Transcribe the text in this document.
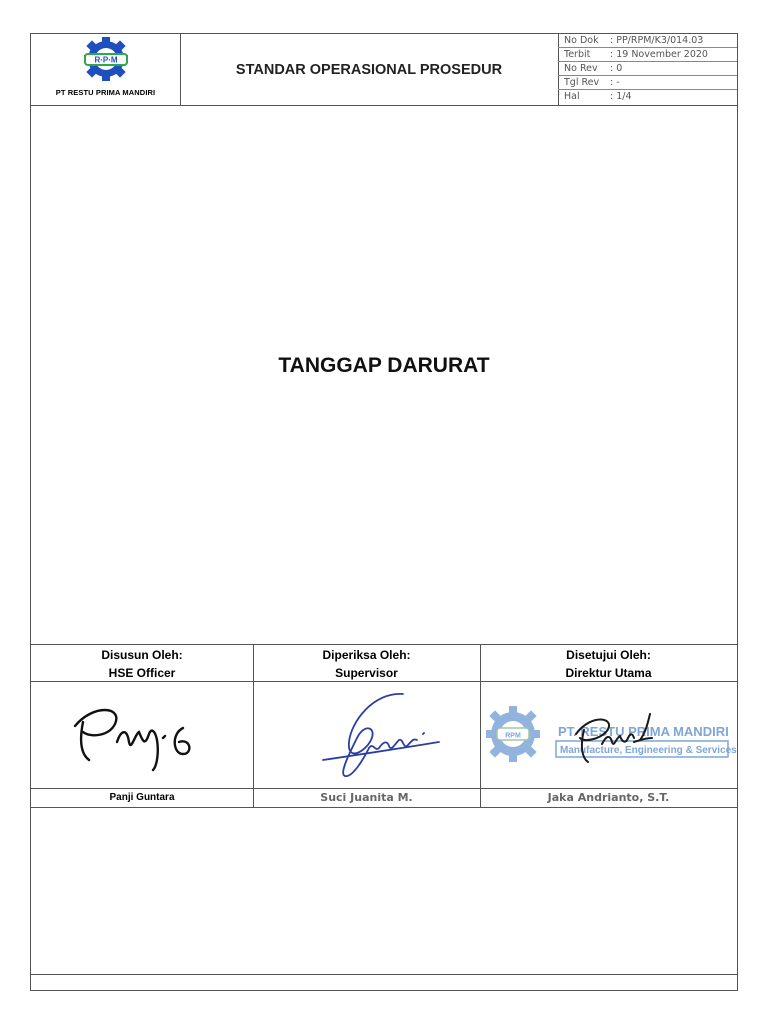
R·P·M
PT RESTU PRIMA MANDIRI
STANDAR OPERASIONAL PROSEDUR
No Dok : PP/RPM/K3/014.03
Terbit : 19 November 2020
No Rev : 0
Tgl Rev : -
Hal	: 1/4
TANGGAP DARURAT
Disusun Oleh:
HSE Officer
Panji Guntara
Diperiksa Oleh:
Supervisor
Suci Juanita M.
Disetujui Oleh:
Direktur Utama
RPM	PT. RESTU PRIMA MANDIRI
Manufacture, Engineering & Services
Jaka Andrianto, S.T.
